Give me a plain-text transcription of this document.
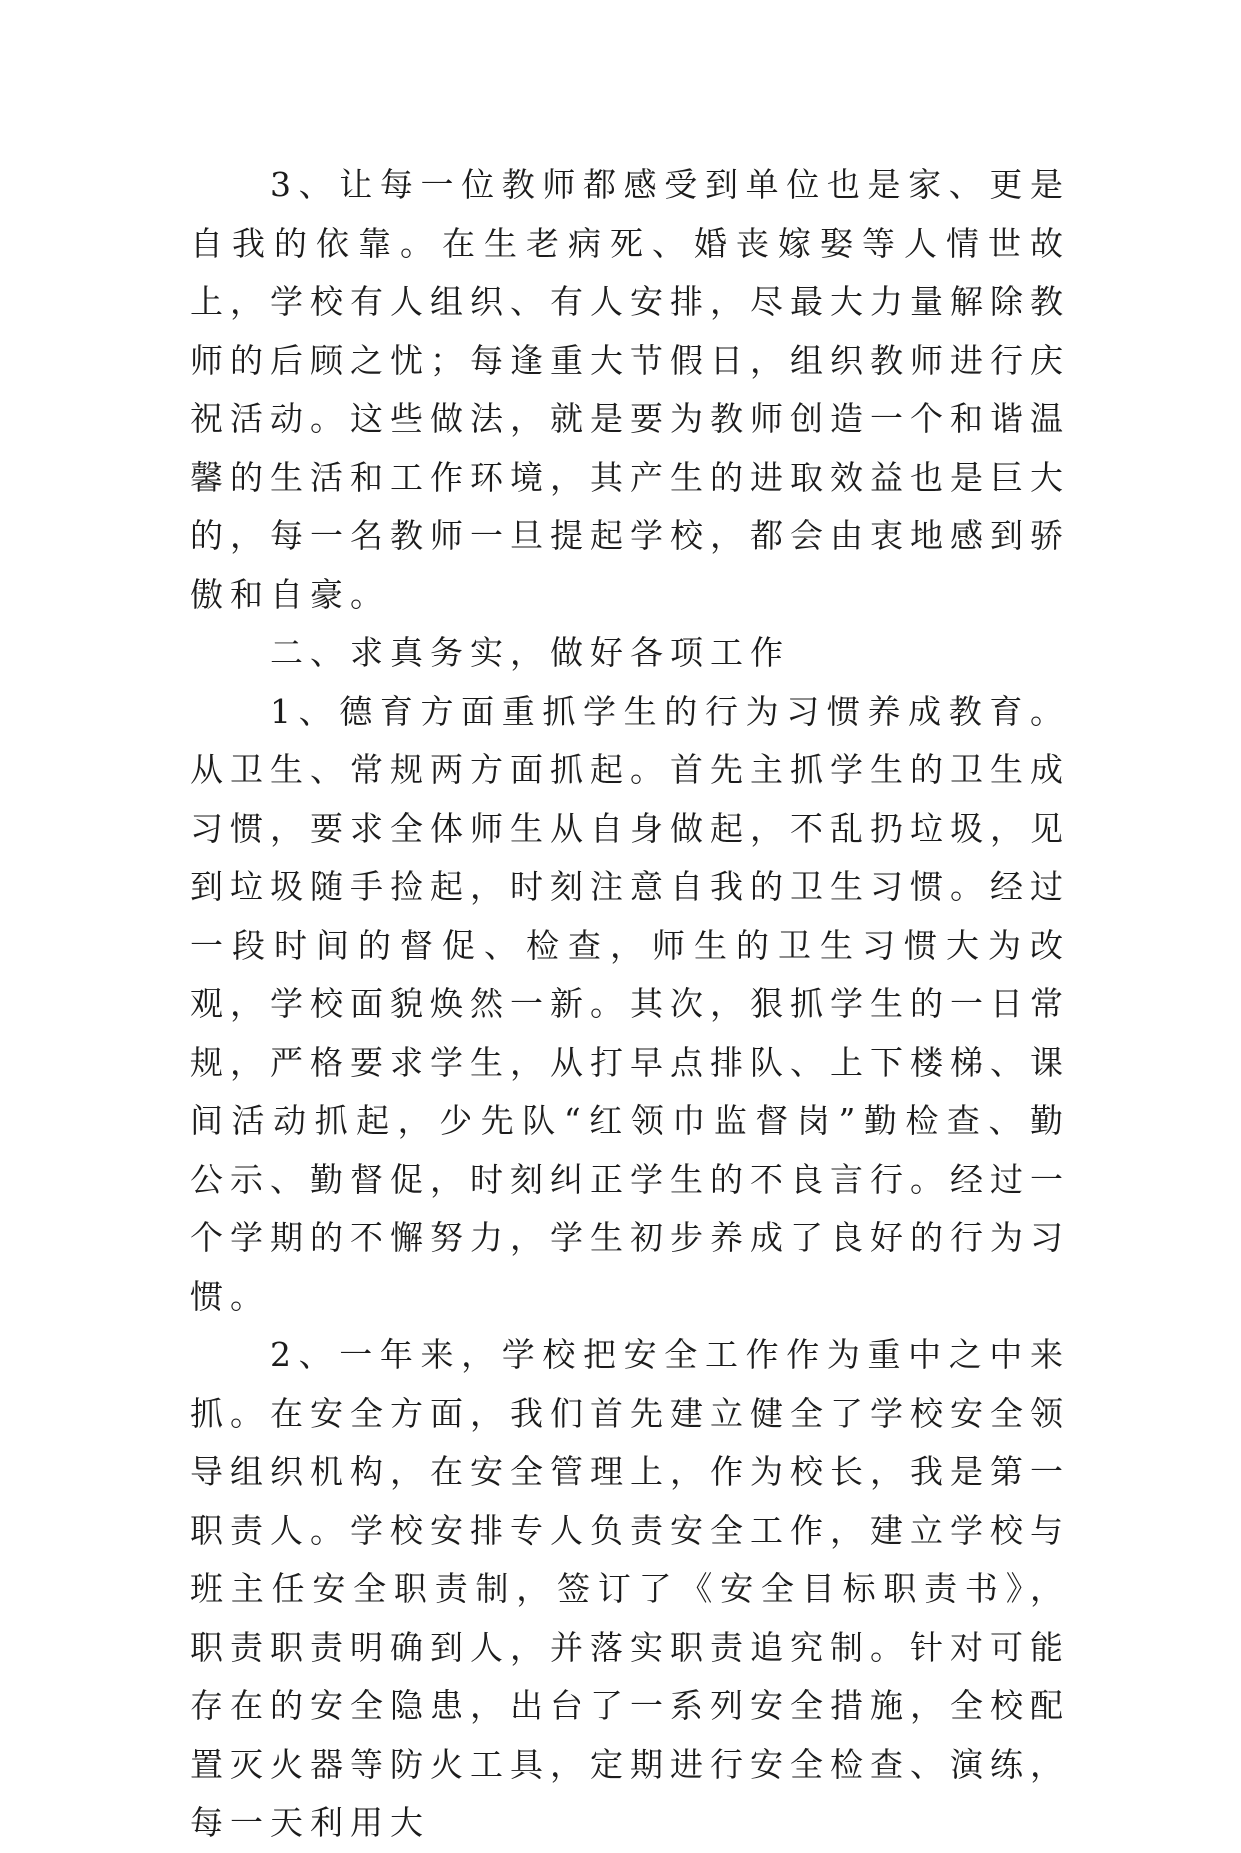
3、让每一位教师都感受到单位也是家、更是自我的依靠。在生老病死、婚丧嫁娶等人情世故上，学校有人组织、有人安排，尽最大力量解除教师的后顾之忧；每逢重大节假日，组织教师进行庆祝活动。这些做法，就是要为教师创造一个和谐温馨的生活和工作环境，其产生的进取效益也是巨大的，每一名教师一旦提起学校，都会由衷地感到骄傲和自豪。

二、求真务实，做好各项工作

1、德育方面重抓学生的行为习惯养成教育。从卫生、常规两方面抓起。首先主抓学生的卫生成习惯，要求全体师生从自身做起，不乱扔垃圾，见到垃圾随手捡起，时刻注意自我的卫生习惯。经过一段时间的督促、检查，师生的卫生习惯大为改观，学校面貌焕然一新。其次，狠抓学生的一日常规，严格要求学生，从打早点排队、上下楼梯、课间活动抓起，少先队“红领巾监督岗”勤检查、勤公示、勤督促，时刻纠正学生的不良言行。经过一个学期的不懈努力，学生初步养成了良好的行为习惯。

2、一年来，学校把安全工作作为重中之中来抓。在安全方面，我们首先建立健全了学校安全领导组织机构，在安全管理上，作为校长，我是第一职责人。学校安排专人负责安全工作，建立学校与班主任安全职责制，签订了《安全目标职责书》，职责职责明确到人，并落实职责追究制。针对可能存在的安全隐患，出台了一系列安全措施，全校配置灭火器等防火工具，定期进行安全检查、演练，每一天利用大
